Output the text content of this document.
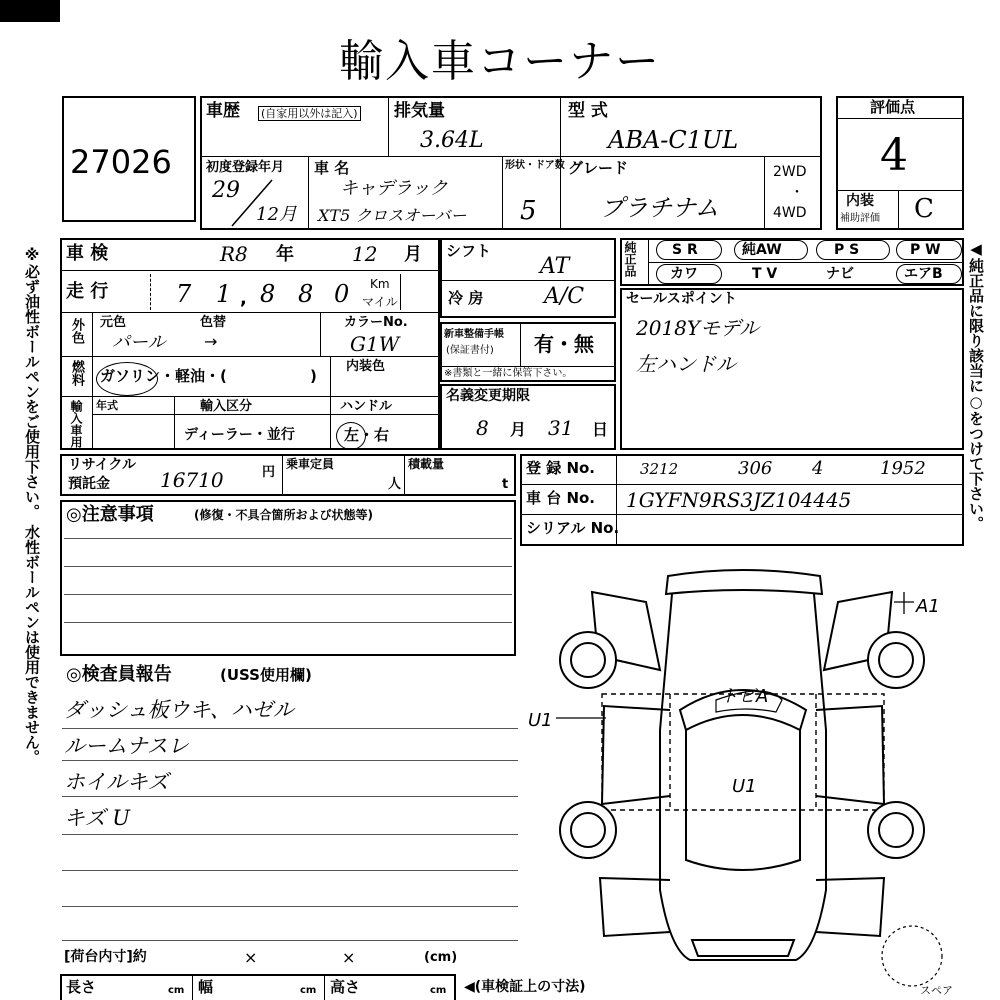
輸入車コーナー
27026
車歴 (自家用以外は記入) 排気量
3.64L
型 式
ABA-C1UL
初度登録年月
29
12月
車 名
キャデラック
XT5 クロスオーバー
形状・ドア数
5
グレード
プラチナム
2WD
・
4WD
評価点
4
内装
補助評価 C
車 検	R8 年	12 月
走 行	7 1 , 8 8 0 Km
マイル
外色 元色	色替	カラーNo.
パール →	G1W
燃料 ガソリン・軽油・(	)
内装色
輸入車用 年式	輸入区分	ハンドル
ディーラー・並行	左・右
シフト
AT
冷 房	A/C
新車整備手帳
(保証書付) 有・無
※書類と一緒に保管下さい。
名義変更期限
8 月 31 日
純正品	S R	純AW	P S	P W
カワ	T V	ナビ	エアB
セールスポイント
2018Yモデル
左ハンドル
リサイクル
預託金	16710	円
乗車定員
人
積載量
t
登 録 No.	3212	306 4	1952
車 台 No. 1GYFN9RS3JZ104445
シリアル No.
◎注意事項	(修復・不具合箇所および状態等)
◎検査員報告	(USS使用欄)
ダッシュ板ウキ、ハゼル
ルームナスレ
ホイルキズ
キズ U
A1
トビA
U1
U1
スペア
[荷台内寸]約	×	×	(cm)
長さ	cm 幅	cm 高さ	cm ◀(車検証上の寸法)
※必ず油性ボールペンをご使用下さい。 水性ボールペンは使用できません。	◀純正品に限り該当に○をつけて下さい。
